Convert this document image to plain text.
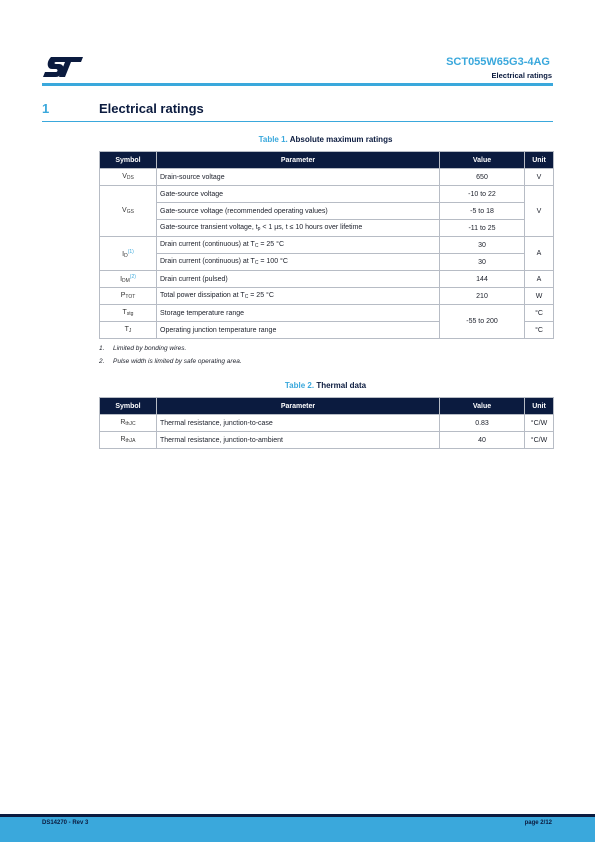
SCT055W65G3-4AG
Electrical ratings
1	Electrical ratings
Table 1. Absolute maximum ratings
Symbol	Parameter	Value	Unit
$V_{DS}$	Drain-source voltage	650	V
$V_{GS}$	Gate-source voltage	-10 to 22	V
	Gate-source voltage (recommended operating values)	-5 to 18	
	Gate-source transient voltage, $t_p < 1$ µs, t ≤ 10 hours over lifetime	-11 to 25	
$I_D^{(1)}$	Drain current (continuous) at $T_C = 25$ °C	30	A
	Drain current (continuous) at $T_C = 100$ °C	30	
$I_{DM}^{(2)}$	Drain current (pulsed)	144	A
$P_{TOT}$	Total power dissipation at $T_C = 25$ °C	210	W
$T_{stg}$	Storage temperature range	-55 to 200	°C
$T_J$	Operating junction temperature range		°C
1. Limited by bonding wires.
2. Pulse width is limited by safe operating area.
Table 2. Thermal data
Symbol	Parameter	Value	Unit
$R_{thJC}$	Thermal resistance, junction-to-case	0.83	°C/W
$R_{thJA}$	Thermal resistance, junction-to-ambient	40	°C/W
DS14270 - Rev 3	page 2/12
